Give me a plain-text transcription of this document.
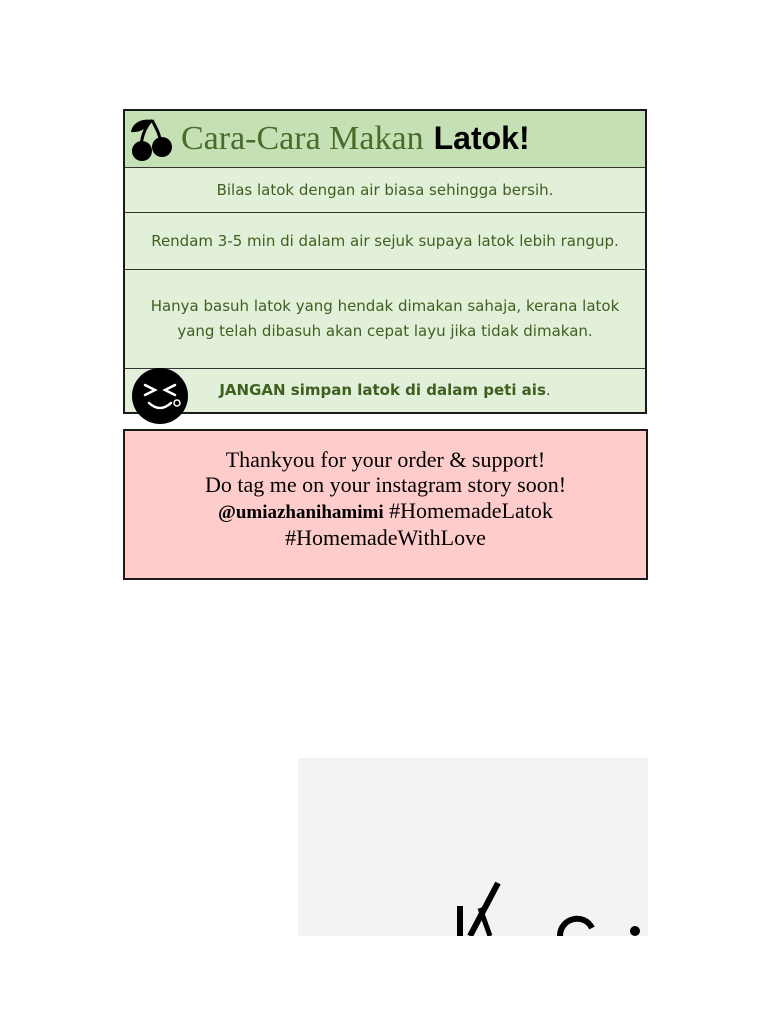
Cara-Cara Makan Latok!
Bilas latok dengan air biasa sehingga bersih.
Rendam 3-5 min di dalam air sejuk supaya latok lebih rangup.
Hanya basuh latok yang hendak dimakan sahaja, kerana latok yang telah dibasuh akan cepat layu jika tidak dimakan.
JANGAN simpan latok di dalam peti ais.
Thankyou for your order & support!
Do tag me on your instagram story soon!
@umiazhanihamimi #HomemadeLatok
#HomemadeWithLove
